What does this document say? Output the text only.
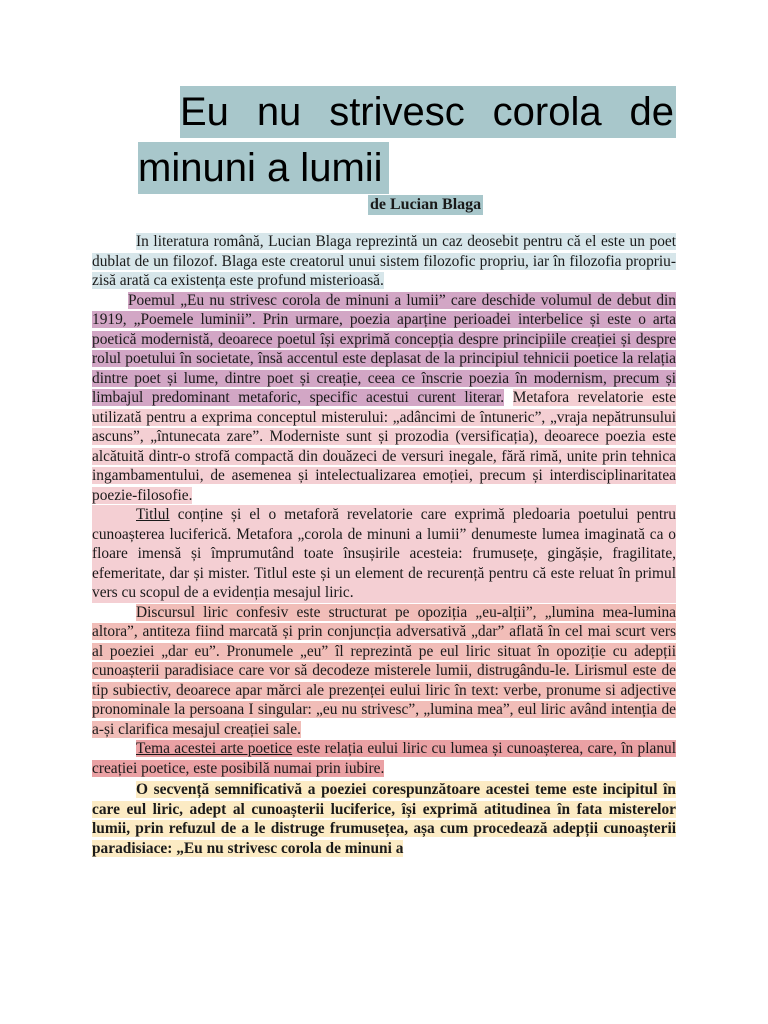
Eu nu strivesc corola de
minuni a lumii
de Lucian Blaga

In literatura română, Lucian Blaga reprezintă un caz deosebit pentru că el este un poet dublat de un filozof. Blaga este creatorul unui sistem filozofic propriu, iar în filozofia propriu-zisă arată ca existența este profund misterioasă.

Poemul „Eu nu strivesc corola de minuni a lumii” care deschide volumul de debut din 1919, „Poemele luminii”. Prin urmare, poezia aparține perioadei interbelice și este o arta poetică modernistă, deoarece poetul își exprimă concepția despre principiile creației și despre rolul poetului în societate, însă accentul este deplasat de la principiul tehnicii poetice la relația dintre poet și lume, dintre poet și creație, ceea ce înscrie poezia în modernism, precum și limbajul predominant metaforic, specific acestui curent literar. Metafora revelatorie este utilizată pentru a exprima conceptul misterului: „adâncimi de întuneric”, „vraja nepătrunsului ascuns”, „întunecata zare”. Moderniste sunt și prozodia (versificația), deoarece poezia este alcătuită dintr-o strofă compactă din douăzeci de versuri inegale, fără rimă, unite prin tehnica ingambamentului, de asemenea și intelectualizarea emoției, precum și interdisciplinaritatea poezie-filosofie.

Titlul conține și el o metaforă revelatorie care exprimă pledoaria poetului pentru cunoașterea luciferică. Metafora „corola de minuni a lumii” denumeste lumea imaginată ca o floare imensă și împrumutând toate însușirile acesteia: frumusețe, gingășie, fragilitate, efemeritate, dar și mister. Titlul este și un element de recurență pentru că este reluat în primul vers cu scopul de a evidenția mesajul liric.

Discursul liric confesiv este structurat pe opoziția „eu-alții”, „lumina mea-lumina altora”, antiteza fiind marcată și prin conjuncția adversativă „dar” aflată în cel mai scurt vers al poeziei „dar eu”. Pronumele „eu” îl reprezintă pe eul liric situat în opoziție cu adepții cunoașterii paradisiace care vor să decodeze misterele lumii, distrugându-le. Lirismul este de tip subiectiv, deoarece apar mărci ale prezenței eului liric în text: verbe, pronume si adjective pronominale la persoana I singular: „eu nu strivesc”, „lumina mea”, eul liric având intenția de a-și clarifica mesajul creației sale.

Tema acestei arte poetice este relația eului liric cu lumea și cunoașterea, care, în planul creației poetice, este posibilă numai prin iubire.

O secvență semnificativă a poeziei corespunzătoare acestei teme este incipitul în care eul liric, adept al cunoașterii luciferice, își exprimă atitudinea în fata misterelor lumii, prin refuzul de a le distruge frumusețea, așa cum procedează adepții cunoașterii paradisiace: „Eu nu strivesc corola de minuni a
